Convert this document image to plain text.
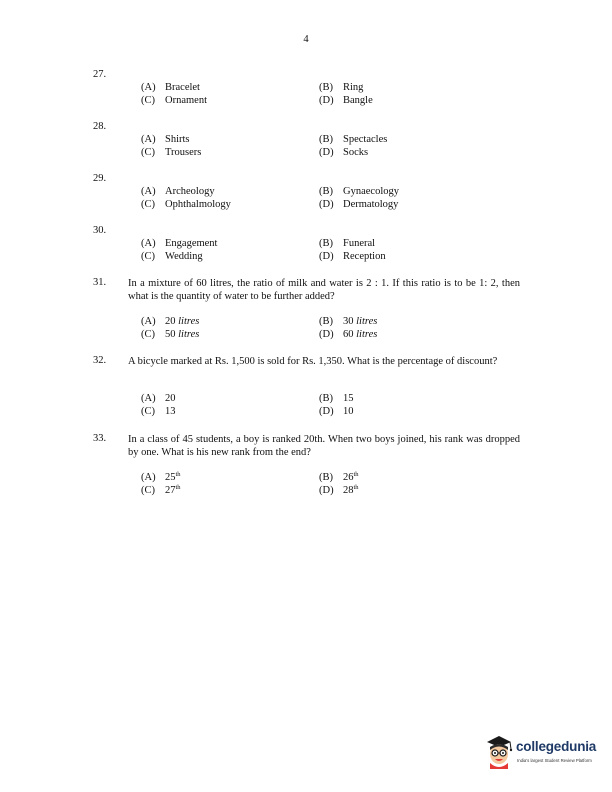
4
27.
(A) Bracelet	(B) Ring
(C) Ornament	(D) Bangle
28.
(A) Shirts	(B) Spectacles
(C) Trousers	(D) Socks
29.
(A) Archeology	(B) Gynaecology
(C) Ophthalmology	(D) Dermatology
30.
(A) Engagement	(B) Funeral
(C) Wedding	(D) Reception
31. In a mixture of 60 litres, the ratio of milk and water is 2 : 1. If this ratio is to be 1: 2, then what is the quantity of water to be further added?
(A) 20 litres	(B) 30 litres
(C) 50 litres	(D) 60 litres
32. A bicycle marked at Rs. 1,500 is sold for Rs. 1,350. What is the percentage of discount?
(A) 20	(B) 15
(C) 13	(D) 10
33. In a class of 45 students, a boy is ranked 20th. When two boys joined, his rank was dropped by one. What is his new rank from the end?
(A) 25th	(B) 26th
(C) 27th	(D) 28th
collegedunia
India's largest Student Review Platform
